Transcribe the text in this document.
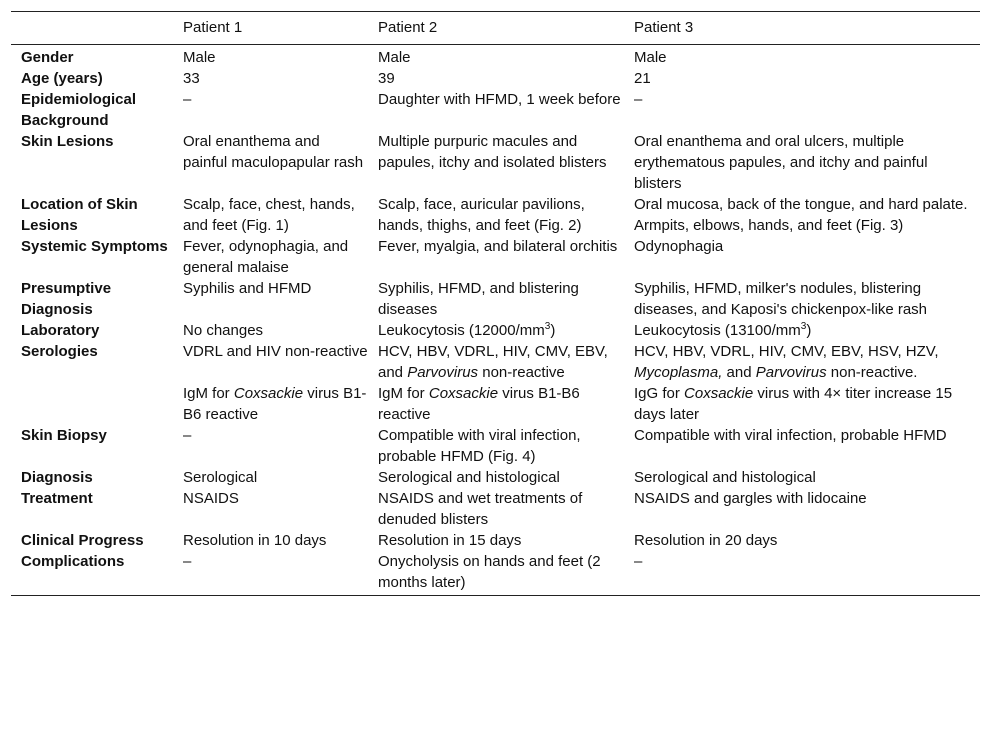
	Patient 1	Patient 2	Patient 3
Gender	Male	Male	Male
Age (years)	33	39	21
Epidemiological Background	–	Daughter with HFMD, 1 week before	–
Skin Lesions	Oral enanthema and painful maculopapular rash	Multiple purpuric macules and papules, itchy and isolated blisters	Oral enanthema and oral ulcers, multiple erythematous papules, and itchy and painful blisters
Location of Skin Lesions	Scalp, face, chest, hands, and feet (Fig. 1)	Scalp, face, auricular pavilions, hands, thighs, and feet (Fig. 2)	Oral mucosa, back of the tongue, and hard palate. Armpits, elbows, hands, and feet (Fig. 3)
Systemic Symptoms	Fever, odynophagia, and general malaise	Fever, myalgia, and bilateral orchitis	Odynophagia
Presumptive Diagnosis	Syphilis and HFMD	Syphilis, HFMD, and blistering diseases	Syphilis, HFMD, milker's nodules, blistering diseases, and Kaposi's chickenpox-like rash
Laboratory	No changes	Leukocytosis $(12000/mm^3)$	Leukocytosis $(13100/mm^3)$
Serologies	VDRL and HIV non-reactive	HCV, HBV, VDRL, HIV, CMV, EBV, and Parvovirus non-reactive	HCV, HBV, VDRL, HIV, CMV, EBV, HSV, HZV, Mycoplasma, and Parvovirus non-reactive.
	IgM for Coxsackie virus B1-B6 reactive	IgM for Coxsackie virus B1-B6 reactive	IgG for Coxsackie virus with 4× titer increase 15 days later
Skin Biopsy	–	Compatible with viral infection, probable HFMD (Fig. 4)	Compatible with viral infection, probable HFMD
Diagnosis	Serological	Serological and histological	Serological and histological
Treatment	NSAIDS	NSAIDS and wet treatments of denuded blisters	NSAIDS and gargles with lidocaine
Clinical Progress	Resolution in 10 days	Resolution in 15 days	Resolution in 20 days
Complications	–	Onycholysis on hands and feet (2 months later)	–
